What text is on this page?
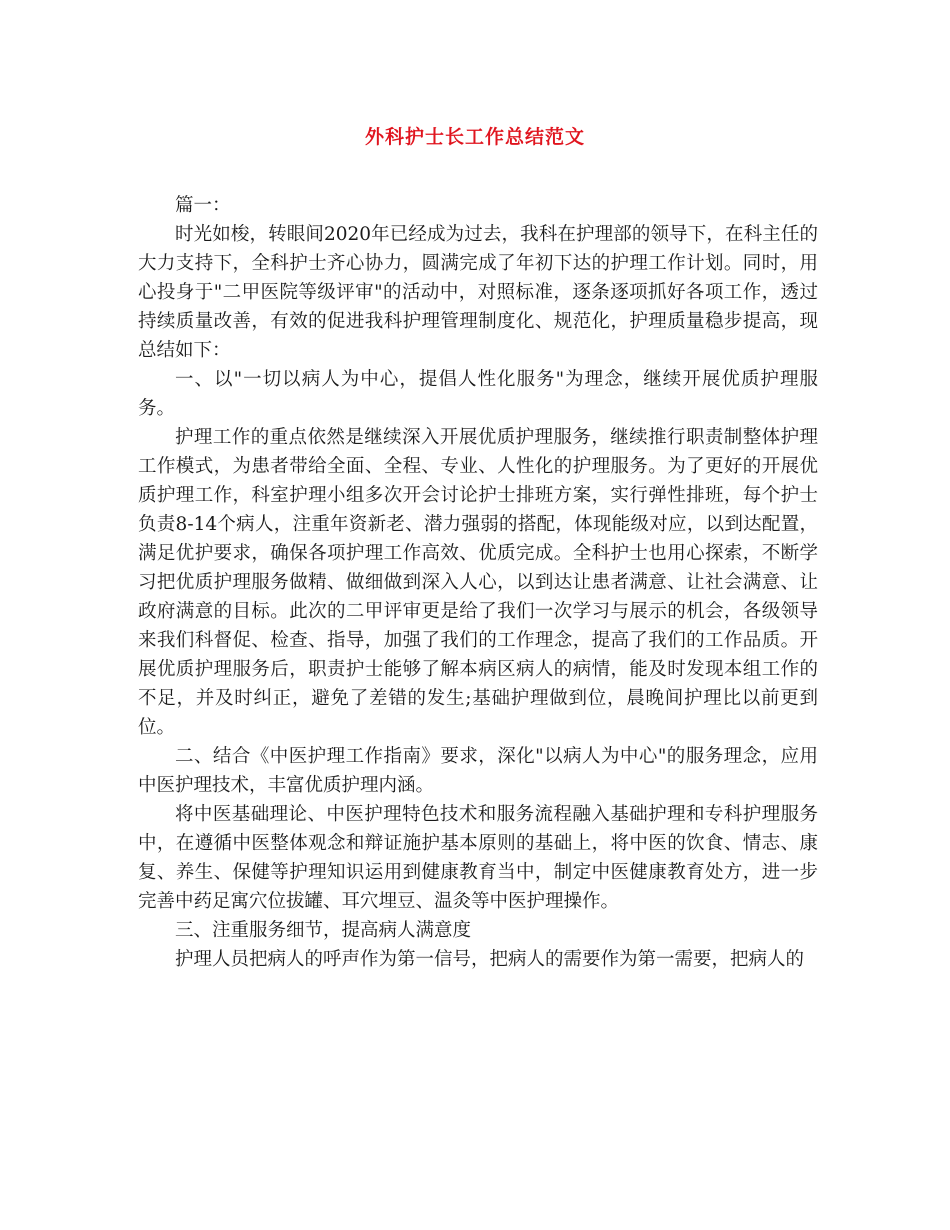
外科护士长工作总结范文

篇一：

时光如梭，转眼间2020年已经成为过去，我科在护理部的领导下，在科主任的大力支持下，全科护士齐心协力，圆满完成了年初下达的护理工作计划。同时，用心投身于"二甲医院等级评审"的活动中，对照标准，逐条逐项抓好各项工作，透过持续质量改善，有效的促进我科护理管理制度化、规范化，护理质量稳步提高，现总结如下：

一、以"一切以病人为中心，提倡人性化服务"为理念，继续开展优质护理服务。

护理工作的重点依然是继续深入开展优质护理服务，继续推行职责制整体护理工作模式，为患者带给全面、全程、专业、人性化的护理服务。为了更好的开展优质护理工作，科室护理小组多次开会讨论护士排班方案，实行弹性排班，每个护士负责8-14个病人，注重年资新老、潜力强弱的搭配，体现能级对应，以到达配置，满足优护要求，确保各项护理工作高效、优质完成。全科护士也用心探索，不断学习把优质护理服务做精、做细做到深入人心，以到达让患者满意、让社会满意、让政府满意的目标。此次的二甲评审更是给了我们一次学习与展示的机会，各级领导来我们科督促、检查、指导，加强了我们的工作理念，提高了我们的工作品质。开展优质护理服务后，职责护士能够了解本病区病人的病情，能及时发现本组工作的不足，并及时纠正，避免了差错的发生;基础护理做到位，晨晚间护理比以前更到位。

二、结合《中医护理工作指南》要求，深化"以病人为中心"的服务理念，应用中医护理技术，丰富优质护理内涵。

将中医基础理论、中医护理特色技术和服务流程融入基础护理和专科护理服务中，在遵循中医整体观念和辩证施护基本原则的基础上，将中医的饮食、情志、康复、养生、保健等护理知识运用到健康教育当中，制定中医健康教育处方，进一步完善中药足寓穴位拔罐、耳穴埋豆、温灸等中医护理操作。

三、注重服务细节，提高病人满意度

护理人员把病人的呼声作为第一信号，把病人的需要作为第一需要，把病人的
